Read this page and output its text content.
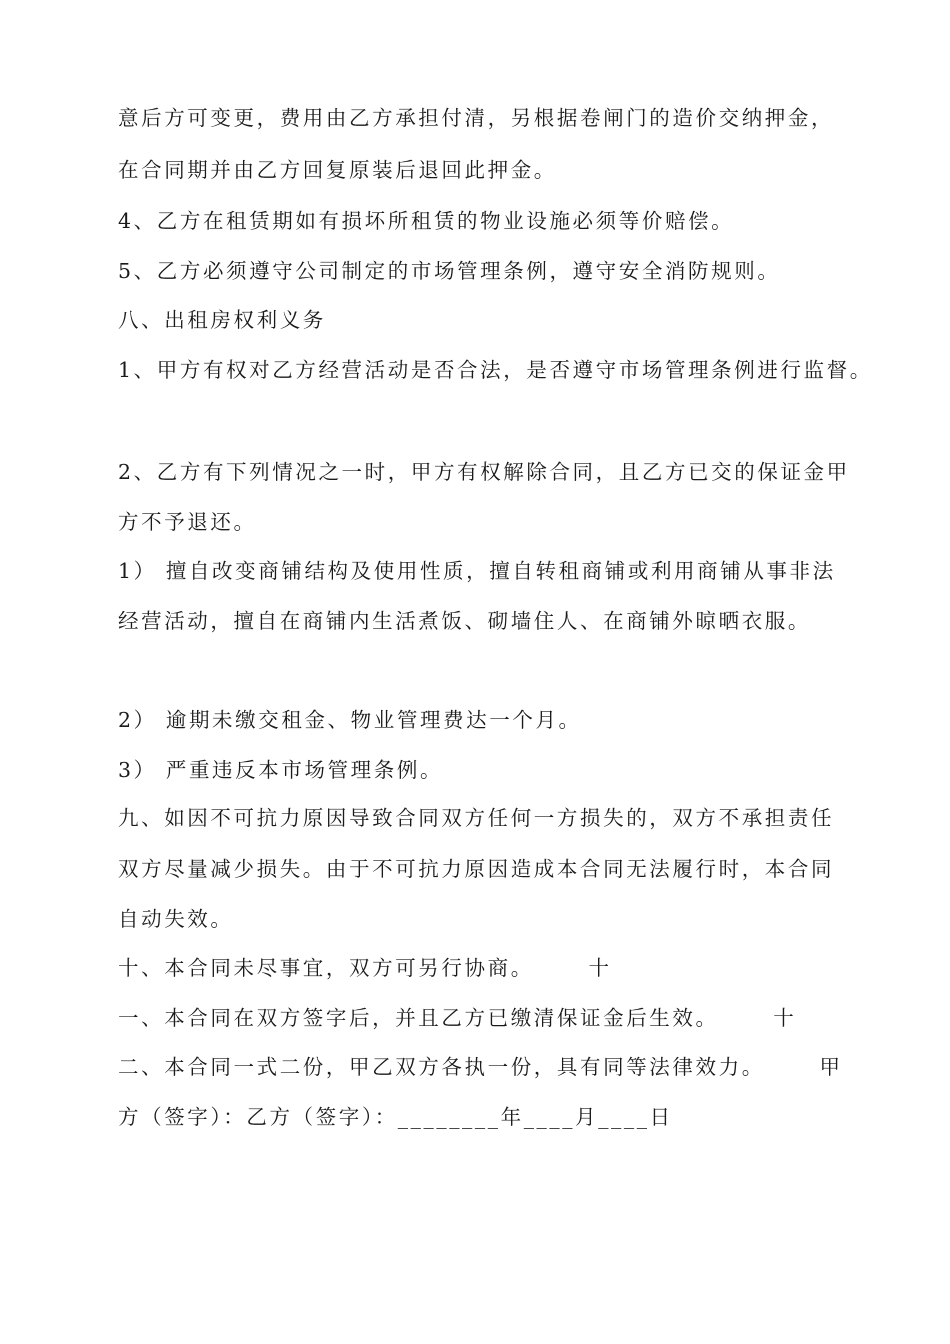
意后方可变更，费用由乙方承担付清，另根据卷闸门的造价交纳押金，
在合同期并由乙方回复原装后退回此押金。
4、乙方在租赁期如有损坏所租赁的物业设施必须等价赔偿。
5、乙方必须遵守公司制定的市场管理条例，遵守安全消防规则。
八、出租房权利义务
1、甲方有权对乙方经营活动是否合法，是否遵守市场管理条例进行监督。
2、乙方有下列情况之一时，甲方有权解除合同，且乙方已交的保证金甲
方不予退还。
1） 擅自改变商铺结构及使用性质，擅自转租商铺或利用商铺从事非法
经营活动，擅自在商铺内生活煮饭、砌墙住人、在商铺外晾晒衣服。
2） 逾期未缴交租金、物业管理费达一个月。
3） 严重违反本市场管理条例。
九、如因不可抗力原因导致合同双方任何一方损失的，双方不承担责任
双方尽量减少损失。由于不可抗力原因造成本合同无法履行时，本合同
自动失效。
十、本合同未尽事宜，双方可另行协商。      十
一、本合同在双方签字后，并且乙方已缴清保证金后生效。      十
二、本合同一式二份，甲乙双方各执一份，具有同等法律效力。      甲
方（签字）：乙方（签字）：________年____月____日
